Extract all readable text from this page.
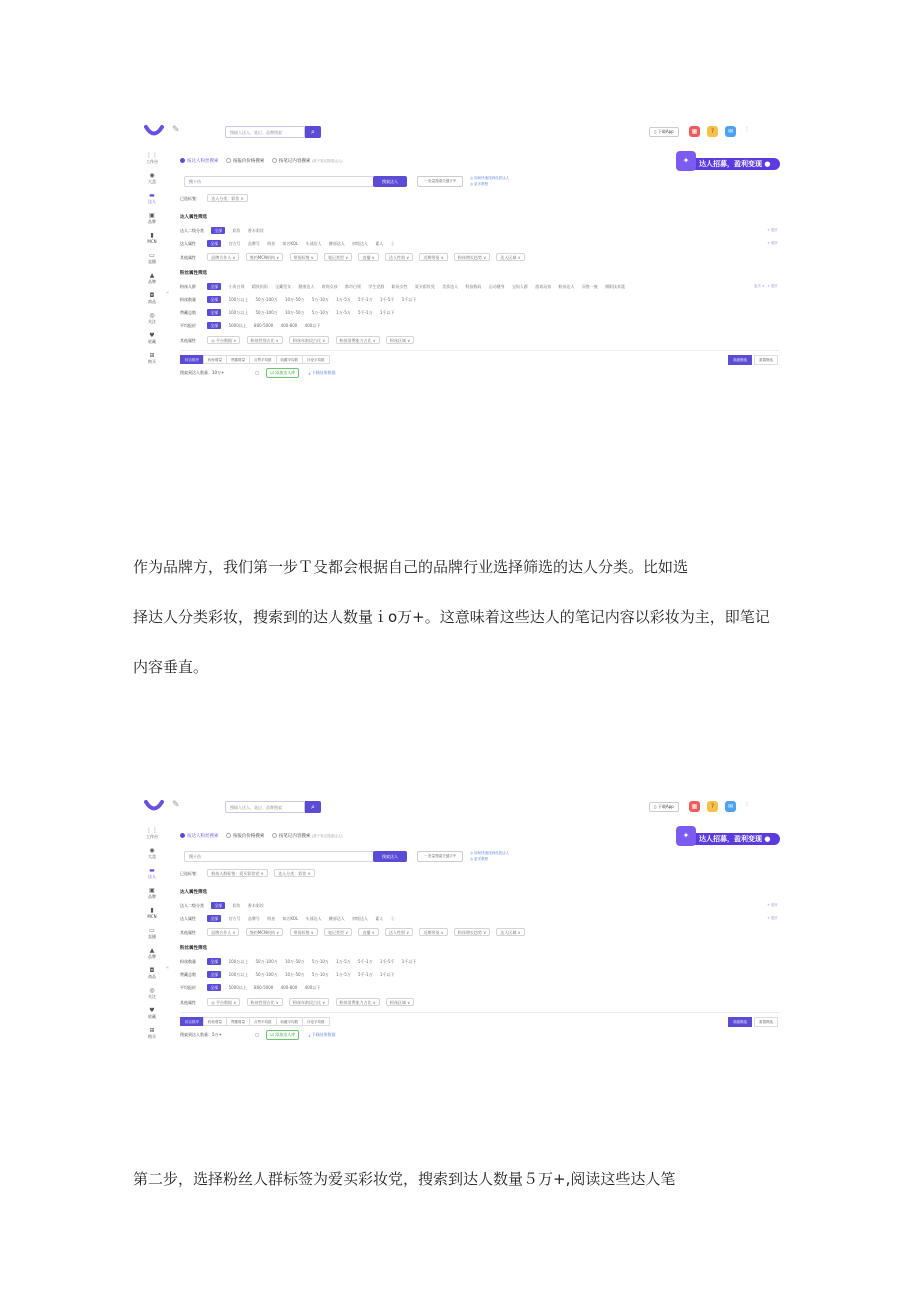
✎	搜输入达人、笔记、品牌搜索	⌕	▯ 下载App	▦	?	✉	⋮
⋮⋮
工作台
◉
大盘
▬
达人
▣
品牌
▮
MCN
▭
直播
▲
品牌
◘
商品
◎
关注
♥
收藏
⊞
购买
«
按达人粉丝搜索	按报价价格搜索	按笔记内容搜索 (基于笔记搜索达人)	达人招募，盈利变现 ●
✦
搜十仿	搜索达人	一 批量搜索关键字中
◎ 如何快速找到优质达人
◎ 更多教程
已选标签：	达人分类：彩妆 ×
达人属性筛选
达人二级分类	全部	彩妆 香水彩妆	+ 展开
达人属性	全部	官方号 品牌号 明星 知名KOL 头部达人 腰部达人 初级达人 素人 ⓘ	+ 展开
其他属性	品牌合作人 ∨	签约MCN机构 ∨	带货标签 ∨	笔记类型 ∨	直播 ∨	达人性别 ∨	近期带货 ∨	粉丝增长趋势 ∨	达人区域 ∨
粉丝属性筛选
粉丝人群	全部	小资白领 精致妈妈 宝藏型女 健康达人 时尚女孩 都市白领 学生党群 职场女性 爱买彩妆党 美妆达人 科技数码 运动健身 宝妈人群 游戏玩家 粉丝达人 穿搭一族 摄影技术派	更多 ∨  + 展开
粉丝数量	全部	100万以上 50万-100万 10万-50万 5万-10万 1万-5万 5千-1万 1千-5千 1千以下
赞藏总数	全部	100万以上 50万-100万 10万-50万 5万-10万 1万-5万 5千-1万 1千以下
平均报价	全部	5000以上 800-5000 400-800 400以下
其他属性	◎ 平台数据 ∨	粉丝性别占比 ∨	粉丝年龄段占比 ∨	粉丝消费能力占比 ∨	粉丝区域 ∨
综合排序	粉丝增量	赞藏增量	点赞平均数	收藏平均数	评论平均数	高级筛选	重置筛选
搜索到达人数量：10万+	▢	☑ 添加达人库	⤓ 下载结果数据
作为品牌方，我们第一步Ｔ殳都会根据自己的品牌行业选择筛选的达人分类。比如选
择达人分类彩妆，搜索到的达人数量ｉo万+。这意味着这些达人的笔记内容以彩妆为主，即笔记
内容垂直。
✎	搜输入达人、笔记、品牌搜索	⌕	▯ 下载App	▦	?	✉	⋮
⋮⋮
工作台
◉
大盘
▬
达人
▣
品牌
▮
MCN
▭
直播
▲
品牌
◘
商品
◎
关注
♥
收藏
⊞
购买
«
按达人粉丝搜索	按报价价格搜索	按笔记内容搜索 (基于笔记搜索达人)	达人招募，盈利变现 ●
✦
搜十仿	搜索达人	一 批量搜索关键字中
◎ 如何快速找到优质达人
◎ 更多教程
已选标签：	粉丝人群标签：爱买彩妆党 ×	达人分类：彩妆 ×
达人属性筛选
达人二级分类	全部	彩妆 香水彩妆	+ 展开
达人属性	全部	官方号 品牌号 明星 知名KOL 头部达人 腰部达人 初级达人 素人 ⓘ	+ 展开
其他属性	品牌合作人 ∨	签约MCN机构 ∨	带货标签 ∨	笔记类型 ∨	直播 ∨	达人性别 ∨	近期带货 ∨	粉丝增长趋势 ∨	达人区域 ∨
粉丝属性筛选
粉丝数量	全部	100万以上 50万-100万 10万-50万 5万-10万 1万-5万 5千-1万 1千-5千 1千以下
赞藏总数	全部	100万以上 50万-100万 10万-50万 5万-10万 1万-5万 5千-1万 1千以下
平均报价	全部	5000以上 800-5000 400-800 400以下
其他属性	◎ 平台数据 ∨	粉丝性别占比 ∨	粉丝年龄段占比 ∨	粉丝消费能力占比 ∨	粉丝区域 ∨
综合排序	粉丝增量	赞藏增量	点赞平均数	收藏平均数	评论平均数	高级筛选	重置筛选
搜索到达人数量：5万+	▢	☑ 添加达人库	⤓ 下载结果数据
第二步，选择粉丝人群标签为爱买彩妆党，搜索到达人数量５万+,阅读这些达人笔
